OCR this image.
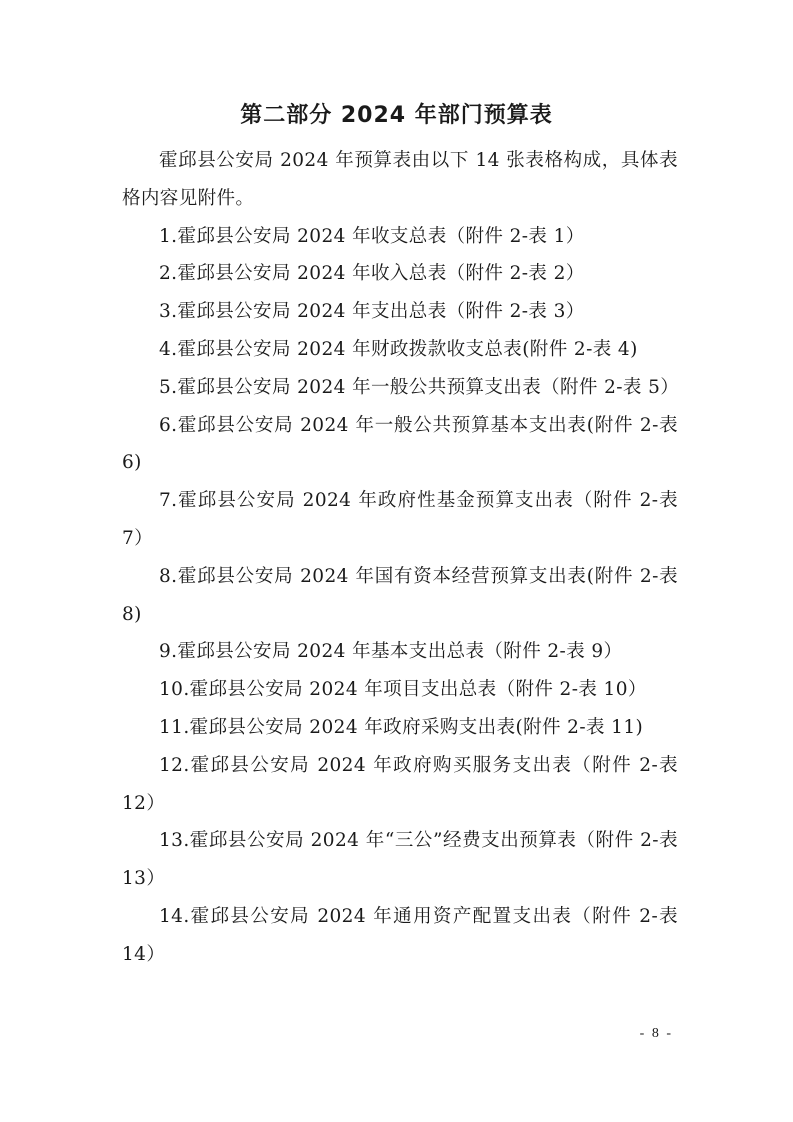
第二部分 2024 年部门预算表

霍邱县公安局 2024 年预算表由以下 14 张表格构成，具体表格内容见附件。

1.霍邱县公安局 2024 年收支总表（附件 2-表 1）

2.霍邱县公安局 2024 年收入总表（附件 2-表 2）

3.霍邱县公安局 2024 年支出总表（附件 2-表 3）

4.霍邱县公安局 2024 年财政拨款收支总表(附件 2-表 4)

5.霍邱县公安局 2024 年一般公共预算支出表（附件 2-表 5）

6.霍邱县公安局 2024 年一般公共预算基本支出表(附件 2-表 6)

7.霍邱县公安局 2024 年政府性基金预算支出表（附件 2-表 7）

8.霍邱县公安局 2024 年国有资本经营预算支出表(附件 2-表 8)

9.霍邱县公安局 2024 年基本支出总表（附件 2-表 9）

10.霍邱县公安局 2024 年项目支出总表（附件 2-表 10）

11.霍邱县公安局 2024 年政府采购支出表(附件 2-表 11)

12.霍邱县公安局 2024 年政府购买服务支出表（附件 2-表 12）

13.霍邱县公安局 2024 年“三公”经费支出预算表（附件 2-表 13）

14.霍邱县公安局 2024 年通用资产配置支出表（附件 2-表 14）

- 8 -
